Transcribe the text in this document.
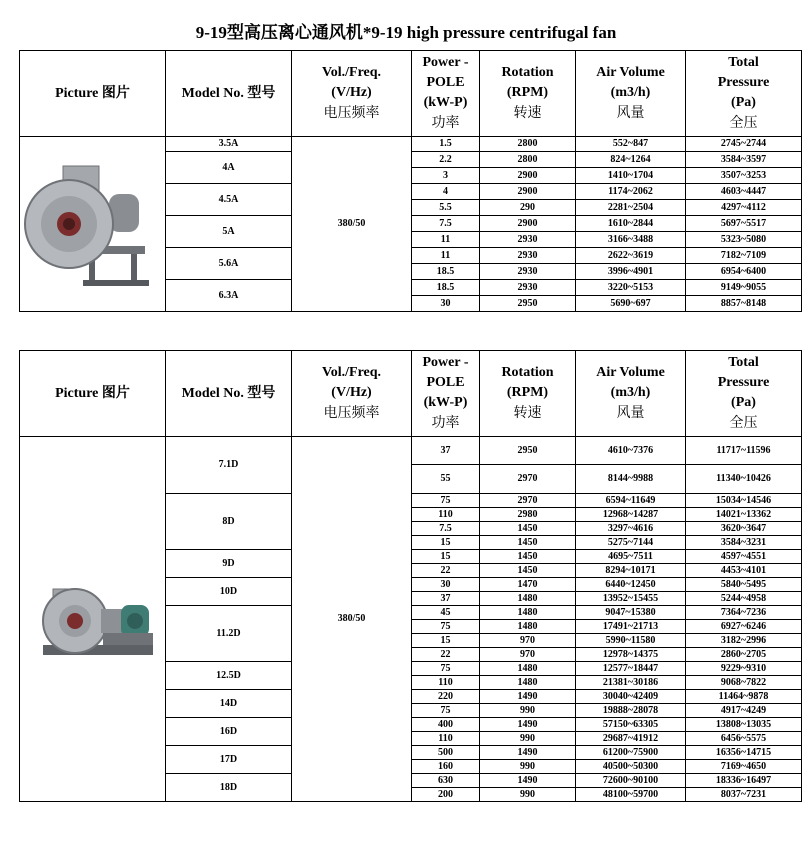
9-19型高压离心通风机*9-19 high pressure centrifugal fan
Picture 图片	Model No. 型号	Vol./Freq.
(V/Hz)
电压频率	Power -
POLE
(kW-P)
功率	Rotation
(RPM)
转速	Air Volume
(m3/h)
风量	Total
Pressure
(Pa)
全压

	3.5A	380/50	1.5	2800	552~847	2745~2744
	4A		2.2	2800	824~1264	3584~3597
			3	2900	1410~1704	3507~3253
	4.5A		4	2900	1174~2062	4603~4447
			5.5	290	2281~2504	4297~4112
	5A		7.5	2900	1610~2844	5697~5517
			11	2930	3166~3488	5323~5080
	5.6A		11	2930	2622~3619	7182~7109
			18.5	2930	3996~4901	6954~6400
	6.3A		18.5	2930	3220~5153	9149~9055
			30	2950	5690~697	8857~8148
Picture 图片	Model No. 型号	Vol./Freq.
(V/Hz)
电压频率	Power -
POLE
(kW-P)
功率	Rotation
(RPM)
转速	Air Volume
(m3/h)
风量	Total
Pressure
(Pa)
全压

	7.1D	380/50	37	2950	4610~7376	11717~11596
			55	2970	8144~9988	11340~10426
	8D		75	2970	6594~11649	15034~14546
			110	2980	12968~14287	14021~13362
			7.5	1450	3297~4616	3620~3647
			15	1450	5275~7144	3584~3231
	9D		15	1450	4695~7511	4597~4551
			22	1450	8294~10171	4453~4101
	10D		30	1470	6440~12450	5840~5495
			37	1480	13952~15455	5244~4958
	11.2D		45	1480	9047~15380	7364~7236
			75	1480	17491~21713	6927~6246
			15	970	5990~11580	3182~2996
			22	970	12978~14375	2860~2705
	12.5D		75	1480	12577~18447	9229~9310
			110	1480	21381~30186	9068~7822
	14D		220	1490	30040~42409	11464~9878
			75	990	19888~28078	4917~4249
	16D		400	1490	57150~63305	13808~13035
			110	990	29687~41912	6456~5575
	17D		500	1490	61200~75900	16356~14715
			160	990	40500~50300	7169~4650
	18D		630	1490	72600~90100	18336~16497
			200	990	48100~59700	8037~7231
